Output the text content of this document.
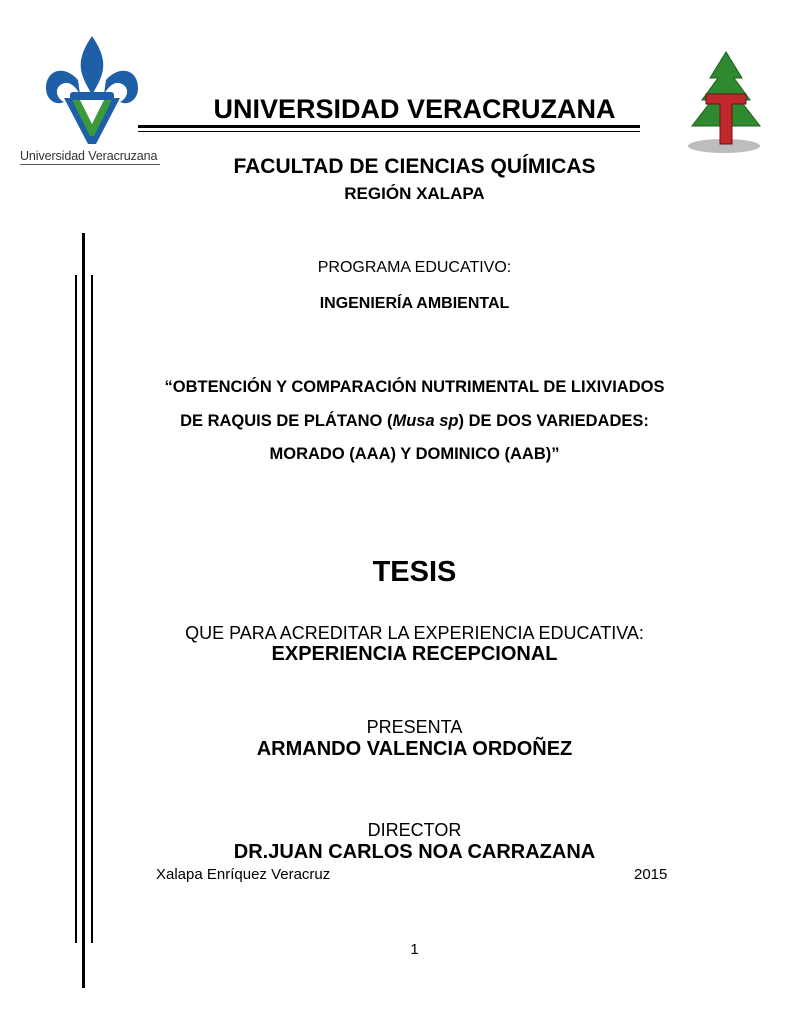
Universidad Veracruzana
UNIVERSIDAD VERACRUZANA
FACULTAD DE CIENCIAS QUÍMICAS
REGIÓN XALAPA
PROGRAMA EDUCATIVO:
INGENIERÍA AMBIENTAL
“OBTENCIÓN Y COMPARACIÓN NUTRIMENTAL DE LIXIVIADOS
DE RAQUIS DE PLÁTANO (Musa sp) DE DOS VARIEDADES:
MORADO (AAA) Y DOMINICO (AAB)”
TESIS
QUE PARA ACREDITAR LA EXPERIENCIA EDUCATIVA:
EXPERIENCIA RECEPCIONAL
PRESENTA
ARMANDO VALENCIA ORDOÑEZ
DIRECTOR
DR.JUAN CARLOS NOA CARRAZANA
Xalapa Enríquez Veracruz	2015
1
